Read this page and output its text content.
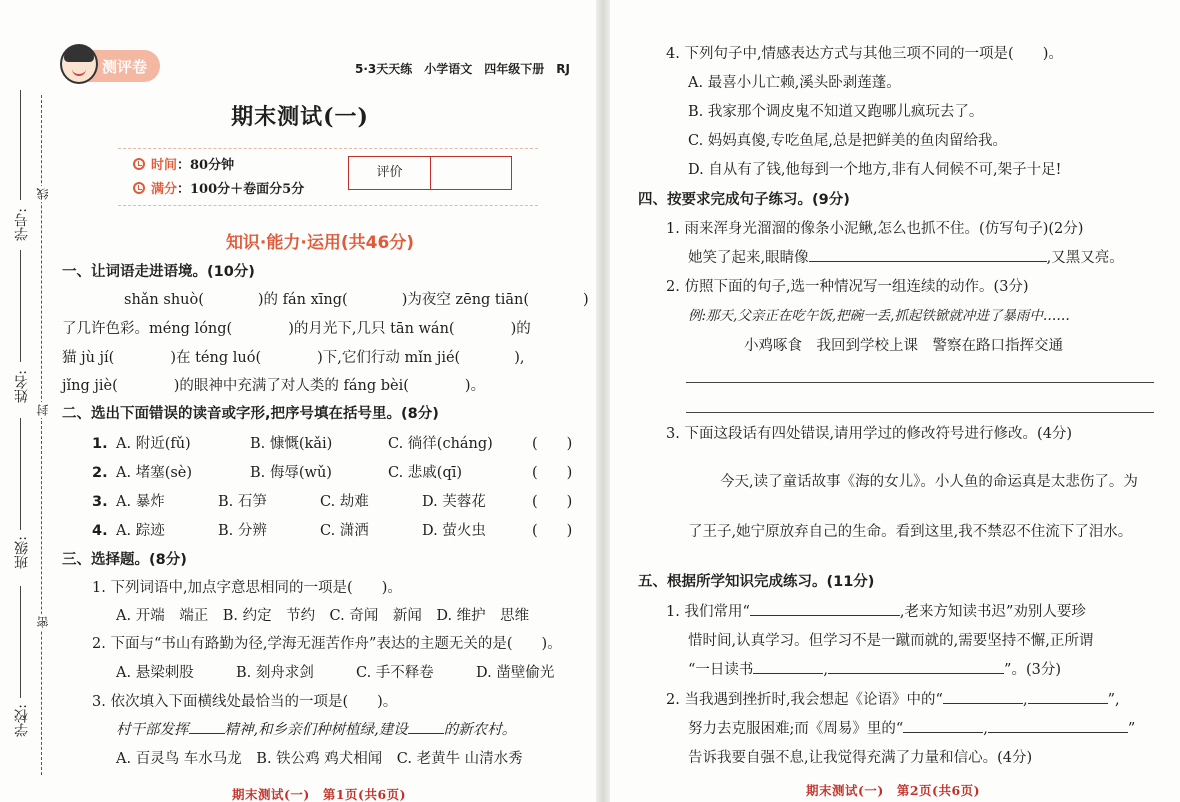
学号:
线
姓名:
封
班级:
密
学校:
测评卷	5·3天天练　小学语文　四年级下册　RJ
期末测试(一)
时间：80分钟
满分：100分＋卷面分5分
评价
知识·能力·运用(共46分)
一、让词语走进语境。(10分)
shǎn shuò(	)的 fán xīng(	)为夜空 zēng tiān(	)
了几许色彩。méng lóng(	)的月光下,几只 tān wán(	)的
猫 jù jí(	)在 téng luó(	)下,它们行动 mǐn jié(	),
jǐng jiè(	)的眼神中充满了对人类的 fáng bèi(	)。
二、选出下面错误的读音或字形,把序号填在括号里。(8分)
1. A. 附近(fǔ)	B. 慷慨(kǎi)	C. 徜徉(cháng)	(　　)
2. A. 堵塞(sè)	B. 侮辱(wǔ)	C. 悲戚(qī)	(　　)
3. A. 暴炸	B. 石笋	C. 劫难	D. 芙蓉花	(　　)
4. A. 踪迹	B. 分辨	C. 潇洒	D. 萤火虫	(　　)
三、选择题。(8分)
1. 下列词语中,加点字意思相同的一项是(　　)。
A. 开端　端正　B. 约定　节约　C. 奇闻　新闻　D. 维护　思维
2. 下面与“书山有路勤为径,学海无涯苦作舟”表达的主题无关的是(　　)。
A. 悬梁刺股	B. 刻舟求剑	C. 手不释卷	D. 凿壁偷光
3. 依次填入下面横线处最恰当的一项是(　　)。
村干部发挥 精神,和乡亲们种树植绿,建设 的新农村。
A. 百灵鸟 车水马龙　B. 铁公鸡 鸡犬相闻　C. 老黄牛 山清水秀
期末测试(一)　第1页(共6页)
4. 下列句子中,情感表达方式与其他三项不同的一项是(　　)。
A. 最喜小儿亡赖,溪头卧剥莲蓬。
B. 我家那个调皮鬼不知道又跑哪儿疯玩去了。
C. 妈妈真傻,专吃鱼尾,总是把鲜美的鱼肉留给我。
D. 自从有了钱,他每到一个地方,非有人伺候不可,架子十足!
四、按要求完成句子练习。(9分)
1. 雨来浑身光溜溜的像条小泥鳅,怎么也抓不住。(仿写句子)(2分)
她笑了起来,眼睛像	,又黑又亮。
2. 仿照下面的句子,选一种情况写一组连续的动作。(3分)
例:那天,父亲正在吃午饭,把碗一丢,抓起铁锨就冲进了暴雨中……
小鸡啄食　我回到学校上课　警察在路口指挥交通
3. 下面这段话有四处错误,请用学过的修改符号进行修改。(4分)
今天,读了童话故事《海的女儿》。小人鱼的命运真是太悲伤了。为
了王子,她宁原放弃自己的生命。看到这里,我不禁忍不住流下了泪水。
五、根据所学知识完成练习。(11分)
1. 我们常用“	,老来方知读书迟”劝别人要珍
惜时间,认真学习。但学习不是一蹴而就的,需要坚持不懈,正所谓
“一日读书	,	”。(3分)
2. 当我遇到挫折时,我会想起《论语》中的“	,	”,
努力去克服困难;而《周易》里的“	,	”
告诉我要自强不息,让我觉得充满了力量和信心。(4分)
期末测试(一)　第2页(共6页)
